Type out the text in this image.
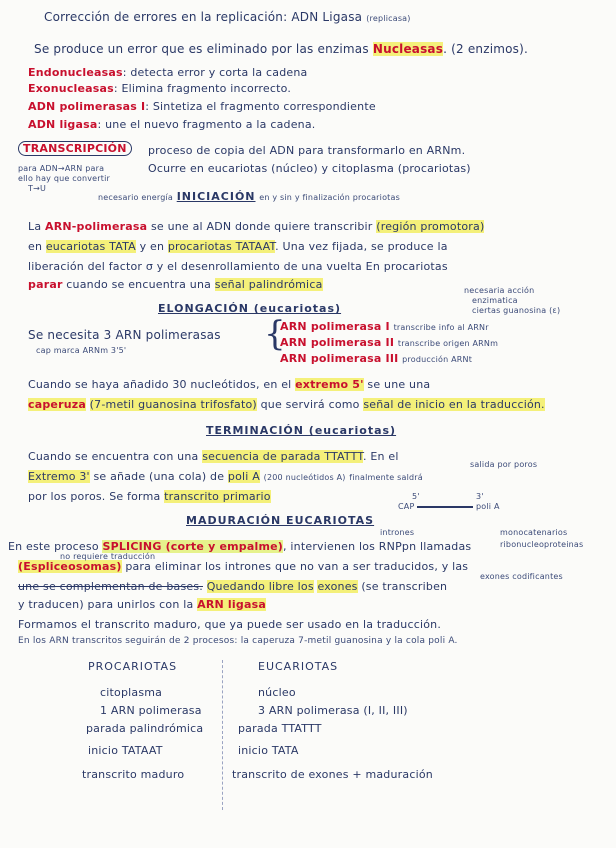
Corrección de errores en la replicación: ADN Ligasa (replicasa)
Se produce un error que es eliminado por las enzimas Nucleasas. (2 enzimos).
Endonucleasas: detecta error y corta la cadena
Exonucleasas: Elimina fragmento incorrecto.
ADN polimerasas I: Sintetiza el fragmento correspondiente
ADN ligasa: une el nuevo fragmento a la cadena.
TRANSCRIPCIÓN	proceso de copia del ADN para transformarlo en ARNm.
Ocurre en eucariotas (núcleo) y citoplasma (procariotas)
para ADN→ARN para
ello hay que convertir
T→U
necesario energía INICIACIÓN en y sin y finalización procariotas
La ARN-polimerasa se une al ADN donde quiere transcribir (región promotora)
en eucariotas TATA y en procariotas TATAAT. Una vez fijada, se produce la
liberación del factor σ y el desenrollamiento de una vuelta En procariotas
parar cuando se encuentra una señal palindrómica	necesaria acción
enzimatica
ciertas guanosina (ε)
ELONGACIÓN (eucariotas)
Se necesita 3 ARN polimerasas
cap marca ARNm 3'5'	{
ARN polimerasa I transcribe info al ARNr
ARN polimerasa II transcribe origen ARNm
ARN polimerasa III producción ARNt
Cuando se haya añadido 30 nucleótidos, en el extremo 5' se une una
caperuza (7-metil guanosina trifosfato) que servirá como señal de inicio en la traducción.
TERMINACIÓN (eucariotas)
Cuando se encuentra con una secuencia de parada TTATTT. En el
Extremo 3' se añade (una cola) de poli A (200 nucleótidos A) finalmente saldrá
salida por poros
por los poros. Se forma transcrito primario
CAP	poli A
5'	3'
MADURACIÓN EUCARIOTAS
En este proceso SPLICING (corte y empalme), intervienen los RNPpn llamadas
(Espliceosomas) para eliminar los intrones que no van a ser traducidos, y las
une se complementan de bases. Quedando libre los exones (se transcriben
y traducen) para unirlos con la ARN ligasa
intrones	monocatenarios
ribonucleoproteinas
no requiere traducción
exones codificantes
Formamos el transcrito maduro, que ya puede ser usado en la traducción.
En los ARN transcritos seguirán de 2 procesos: la caperuza 7-metil guanosina y la cola poli A.
PROCARIOTAS	EUCARIOTAS
citoplasma	núcleo
1 ARN polimerasa	3 ARN polimerasa (I, II, III)
parada palindrómica	parada TTATTT
inicio TATAAT	inicio TATA
transcrito maduro	transcrito de exones + maduración
